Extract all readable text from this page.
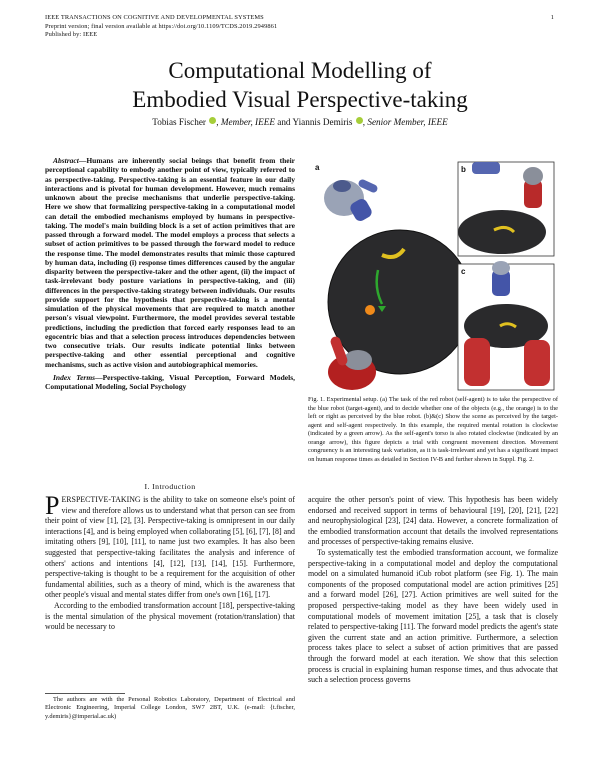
IEEE TRANSACTIONS ON COGNITIVE AND DEVELOPMENTAL SYSTEMS
Preprint version; final version available at https://doi.org/10.1109/TCDS.2019.2949861
Published by: IEEE
1
Computational Modelling of
Embodied Visual Perspective-taking
Tobias Fischer , Member, IEEE and Yiannis Demiris , Senior Member, IEEE

Abstract—Humans are inherently social beings that benefit from their perceptional capability to embody another point of view, typically referred to as perspective-taking. Perspective-taking is an essential feature in our daily interactions and is pivotal for human development. However, much remains unknown about the precise mechanisms that underlie perspective-taking. Here we show that formalizing perspective-taking in a computational model can detail the embodied mechanisms employed by humans in perspective-taking. The model's main building block is a set of action primitives that are passed through a forward model. The model employs a process that selects a subset of action primitives to be passed through the forward model to reduce the response time. The model demonstrates results that mimic those captured by human data, including (i) response times differences caused by the angular disparity between the perspective-taker and the other agent, (ii) the impact of task-irrelevant body posture variations in perspective-taking, and (iii) differences in the perspective-taking strategy between individuals. Our results provide support for the hypothesis that perspective-taking is a mental simulation of the physical movements that are required to match another person's visual viewpoint. Furthermore, the model provides several testable predictions, including the prediction that forced early responses lead to an egocentric bias and that a selection process introduces dependencies between two consecutive trials. Our results indicate potential links between perspective-taking and other essential perceptional and cognitive mechanisms, such as active vision and autobiographical memories.

Index Terms—Perspective-taking, Visual Perception, Forward Models, Computational Modeling, Social Psychology

I. Introduction

PERSPECTIVE-TAKING is the ability to take on someone else's point of view and therefore allows us to understand what that person can see from their point of view [1], [2], [3]. Perspective-taking is omnipresent in our daily interactions [4], and is being employed when collaborating [5], [6], [7], [8] and imitating others [9], [10], [11], to name just two examples. It has also been suggested that perspective-taking facilitates the analysis and inference of others' actions and intentions [4], [12], [13], [14], [15]. Furthermore, perspective-taking is thought to be a requirement for the acquisition of other fundamental abilities, such as a theory of mind, which is the awareness that other people's visual and mental states differ from one's own [16], [17].

According to the embodied transformation account [18], perspective-taking is the mental simulation of the physical movement (rotation/translation) that would be necessary to

The authors are with the Personal Robotics Laboratory, Department of Electrical and Electronic Engineering, Imperial College London, SW7 2BT, U.K. (e-mail: {t.fischer, y.demiris}@imperial.ac.uk)
a	b
c
Fig. 1. Experimental setup. (a) The task of the red robot (self-agent) is to take the perspective of the blue robot (target-agent), and to decide whether one of the objects (e.g., the orange) is to the left or right as perceived by the blue robot. (b)&(c) Show the scene as perceived by the target-agent and self-agent respectively. In this example, the required mental rotation is clockwise (indicated by a green arrow). As the self-agent's torso is also rotated clockwise (indicated by an orange arrow), this figure depicts a trial with congruent movement direction. Movement congruency is an interesting task variation, as it is task-irrelevant and yet has a significant impact on human response times as detailed in Section IV-B and further shown in Suppl. Fig. 2.

acquire the other person's point of view. This hypothesis has been widely endorsed and received support in terms of behavioural [19], [20], [21], [22] and neurophysiological [23], [24] data. However, a concrete formalization of the embodied transformation account that details the involved representations and processes of perspective-taking remains elusive.

To systematically test the embodied transformation account, we formalize perspective-taking in a computational model and deploy the computational model on a simulated humanoid iCub robot platform (see Fig. 1). The main components of the proposed computational model are action primitives [25] and a forward model [26], [27]. Action primitives are well suited for the proposed perspective-taking model as they have been widely used in computational models of movement imitation [25], a task that is closely related to perspective-taking [11]. The forward model predicts the agent's state given the current state and an action primitive. Furthermore, a selection process takes place to select a subset of action primitives that are passed through the forward model at each iteration. We show that this selection process is crucial in explaining human response times, and thus advocate that such a selection process governs
